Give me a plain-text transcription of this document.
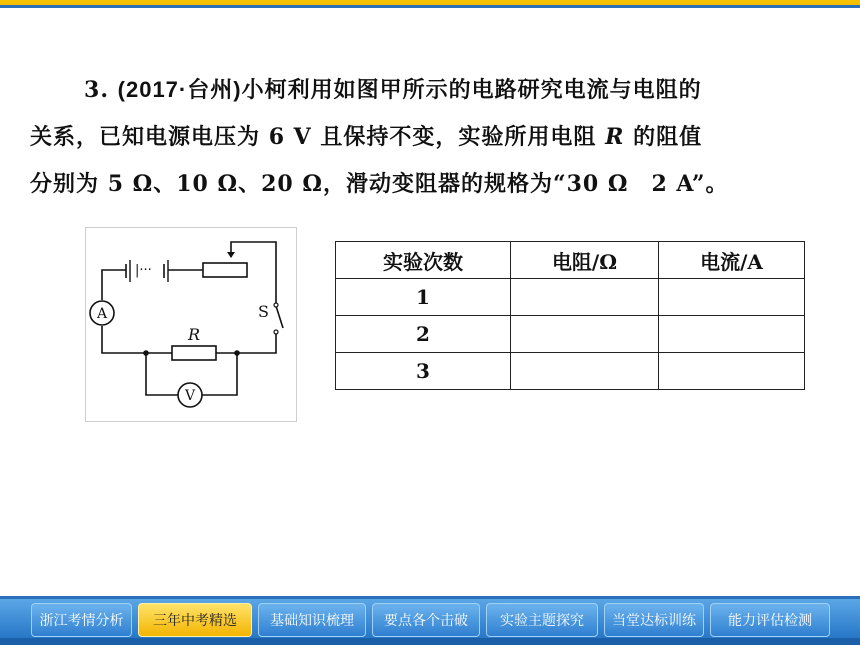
3. (2017·台州)小柯利用如图甲所示的电路研究电流与电阻的
关系，已知电源电压为 6 V 且保持不变，实验所用电阻 R 的阻值
分别为 5 Ω、10 Ω、20 Ω，滑动变阻器的规格为“30 Ω　2 A”。
|···
A
V
S
R
实验次数	电阻/Ω	电流/A
1		
2		
3		
浙江考情分析	三年中考精选	基础知识梳理	要点各个击破	实验主题探究	当堂达标训练	能力评估检测
